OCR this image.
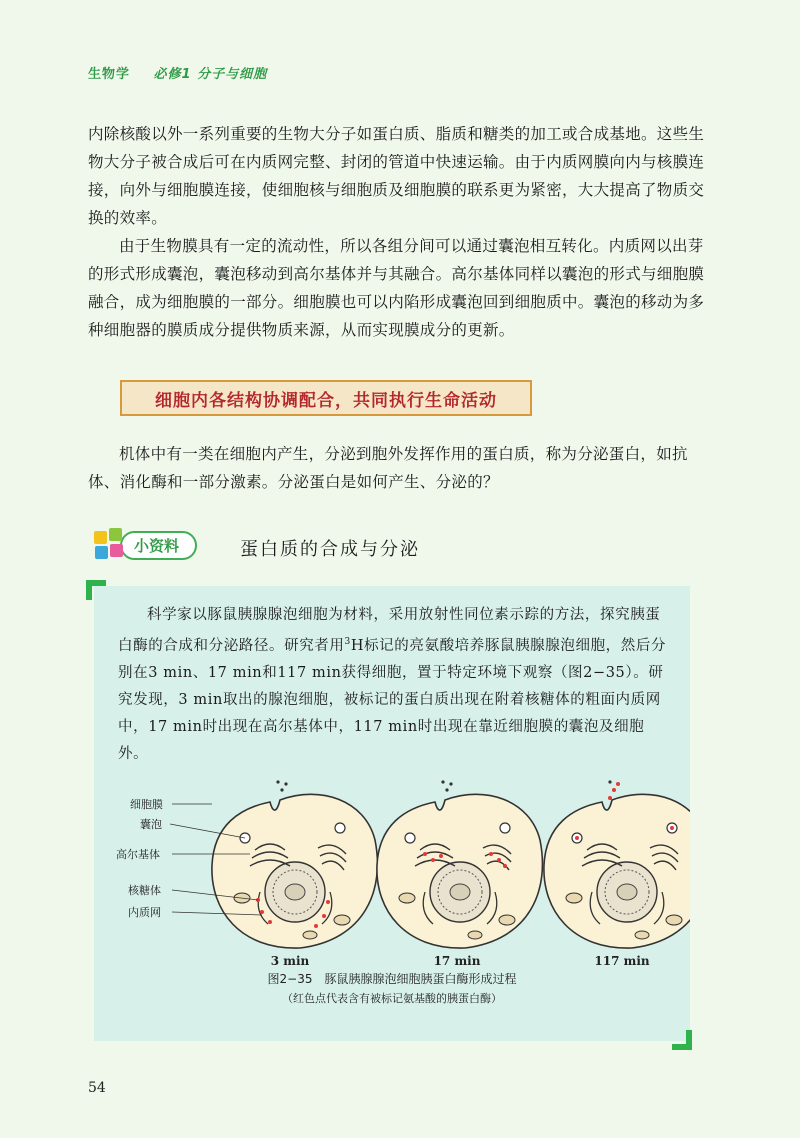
生物学 必修1 分子与细胞

内除核酸以外一系列重要的生物大分子如蛋白质、脂质和糖类的加工或合成基地。这些生物大分子被合成后可在内质网完整、封闭的管道中快速运输。由于内质网膜向内与核膜连接，向外与细胞膜连接，使细胞核与细胞质及细胞膜的联系更为紧密，大大提高了物质交换的效率。

由于生物膜具有一定的流动性，所以各组分间可以通过囊泡相互转化。内质网以出芽的形式形成囊泡，囊泡移动到高尔基体并与其融合。高尔基体同样以囊泡的形式与细胞膜融合，成为细胞膜的一部分。细胞膜也可以内陷形成囊泡回到细胞质中。囊泡的移动为多种细胞器的膜质成分提供物质来源，从而实现膜成分的更新。

细胞内各结构协调配合，共同执行生命活动

机体中有一类在细胞内产生，分泌到胞外发挥作用的蛋白质，称为分泌蛋白，如抗体、消化酶和一部分激素。分泌蛋白是如何产生、分泌的？

小资料	蛋白质的合成与分泌

科学家以豚鼠胰腺腺泡细胞为材料，采用放射性同位素示踪的方法，探究胰蛋白酶的合成和分泌路径。研究者用$^3$H标记的亮氨酸培养豚鼠胰腺腺泡细胞，然后分别在3 min、17 min和117 min获得细胞，置于特定环境下观察（图2−35）。研究发现，3 min取出的腺泡细胞，被标记的蛋白质出现在附着核糖体的粗面内质网中，17 min时出现在高尔基体中，117 min时出现在靠近细胞膜的囊泡及细胞外。

细胞膜
囊泡
高尔基体
核糖体
内质网
3 min	17 min	117 min
图2−35　豚鼠胰腺腺泡细胞胰蛋白酶形成过程
（红色点代表含有被标记氨基酸的胰蛋白酶）
54
